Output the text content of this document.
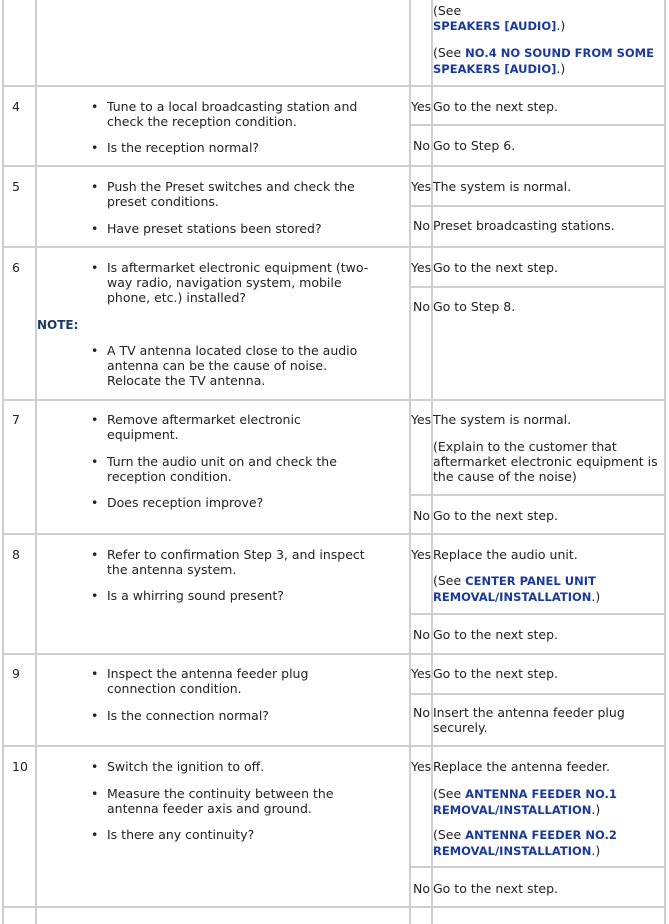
(See
SPEAKERS [AUDIO].)
(See NO.4 NO SOUND FROM SOME
SPEAKERS [AUDIO].)
4	• Tune to a local broadcasting station and
check the reception condition.
• Is the reception normal?
Yes Go to the next step.
No Go to Step 6.
5	• Push the Preset switches and check the
preset conditions.
• Have preset stations been stored?
Yes The system is normal.
No Preset broadcasting stations.
6	• Is aftermarket electronic equipment (two-
way radio, navigation system, mobile
phone, etc.) installed?
NOTE:
• A TV antenna located close to the audio
antenna can be the cause of noise.
Relocate the TV antenna.
Yes Go to the next step.
No Go to Step 8.
7	• Remove aftermarket electronic
equipment.
• Turn the audio unit on and check the
reception condition.
• Does reception improve?
Yes The system is normal.
(Explain to the customer that
aftermarket electronic equipment is
the cause of the noise)
No Go to the next step.
8	• Refer to confirmation Step 3, and inspect
the antenna system.
• Is a whirring sound present?
Yes Replace the audio unit.
(See CENTER PANEL UNIT
REMOVAL/INSTALLATION.)
No Go to the next step.
9	• Inspect the antenna feeder plug
connection condition.
• Is the connection normal?
Yes Go to the next step.
No Insert the antenna feeder plug
securely.
10	• Switch the ignition to off.
• Measure the continuity between the
antenna feeder axis and ground.
• Is there any continuity?
Yes Replace the antenna feeder.
(See ANTENNA FEEDER NO.1
REMOVAL/INSTALLATION.)
(See ANTENNA FEEDER NO.2
REMOVAL/INSTALLATION.)
No Go to the next step.
